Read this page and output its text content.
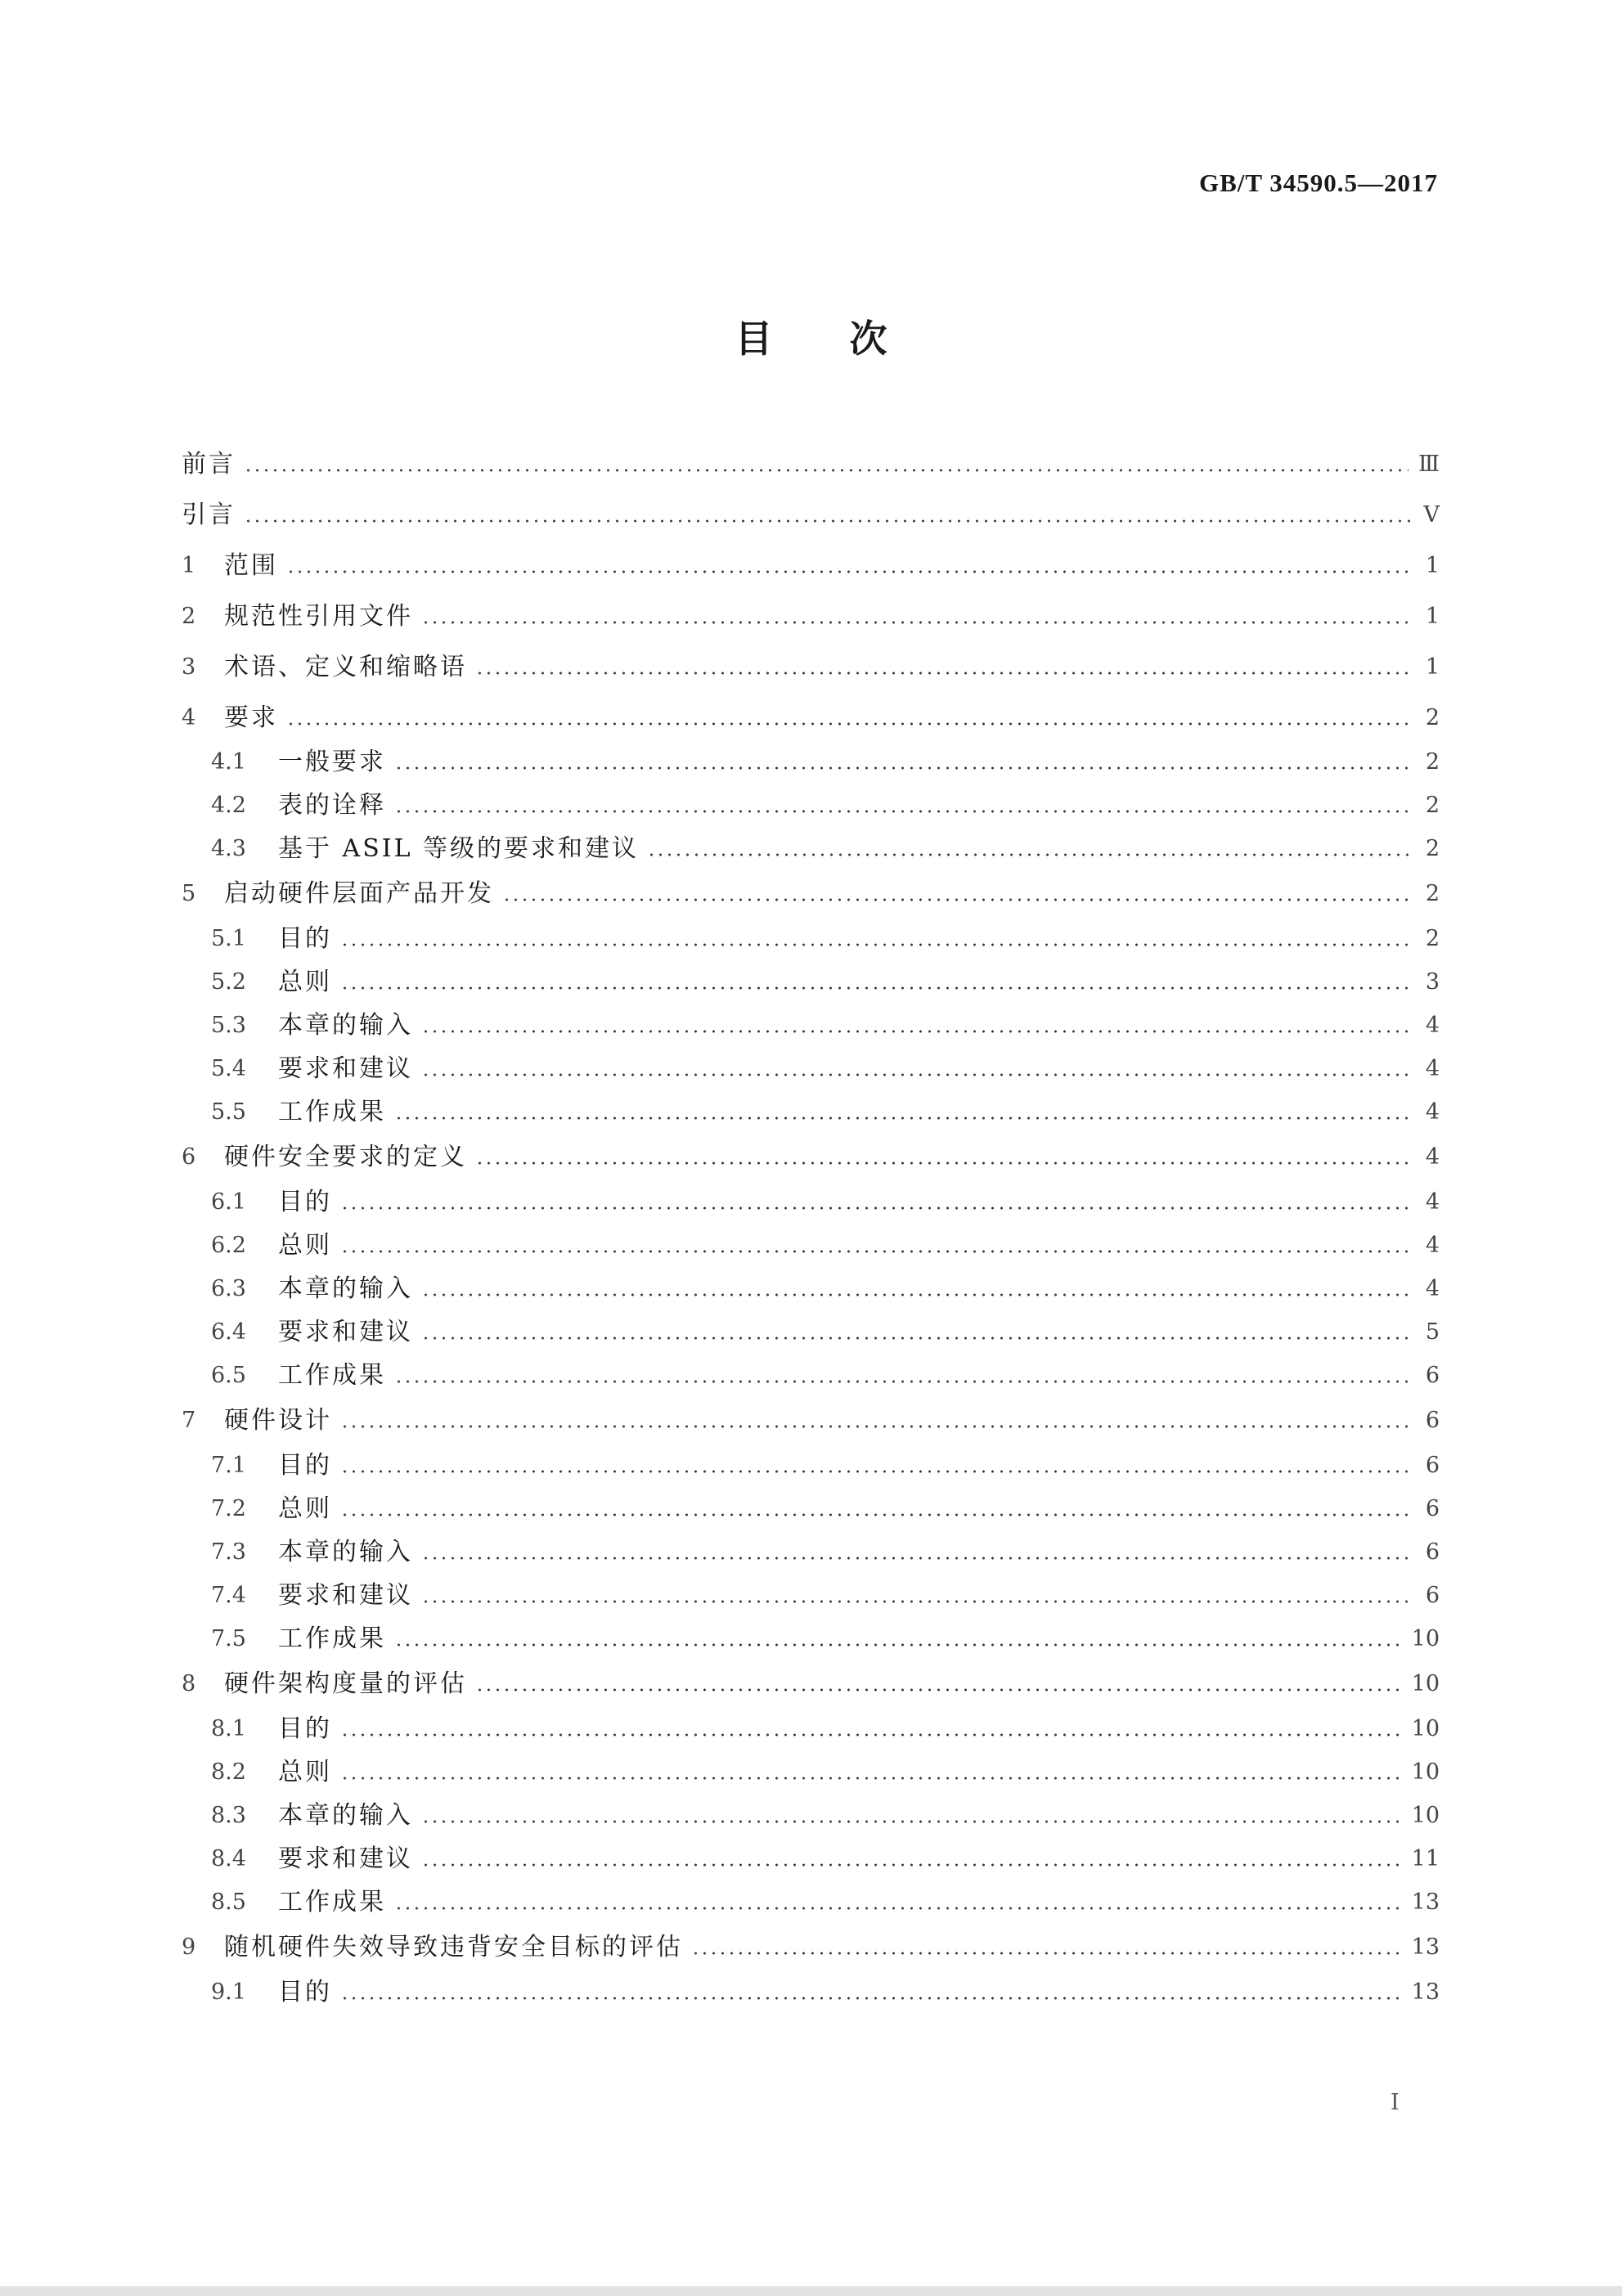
GB/T 34590.5—2017
目次
前言	Ⅲ
引言	Ⅴ
1	范围	1
2	规范性引用文件	1
3	术语、定义和缩略语	1
4	要求	2
4.1	一般要求	2
4.2	表的诠释	2
4.3	基于 ASIL 等级的要求和建议	2
5	启动硬件层面产品开发	2
5.1	目的	2
5.2	总则	3
5.3	本章的输入	4
5.4	要求和建议	4
5.5	工作成果	4
6	硬件安全要求的定义	4
6.1	目的	4
6.2	总则	4
6.3	本章的输入	4
6.4	要求和建议	5
6.5	工作成果	6
7	硬件设计	6
7.1	目的	6
7.2	总则	6
7.3	本章的输入	6
7.4	要求和建议	6
7.5	工作成果	10
8	硬件架构度量的评估	10
8.1	目的	10
8.2	总则	10
8.3	本章的输入	10
8.4	要求和建议	11
8.5	工作成果	13
9	随机硬件失效导致违背安全目标的评估	13
9.1	目的	13
Ⅰ
